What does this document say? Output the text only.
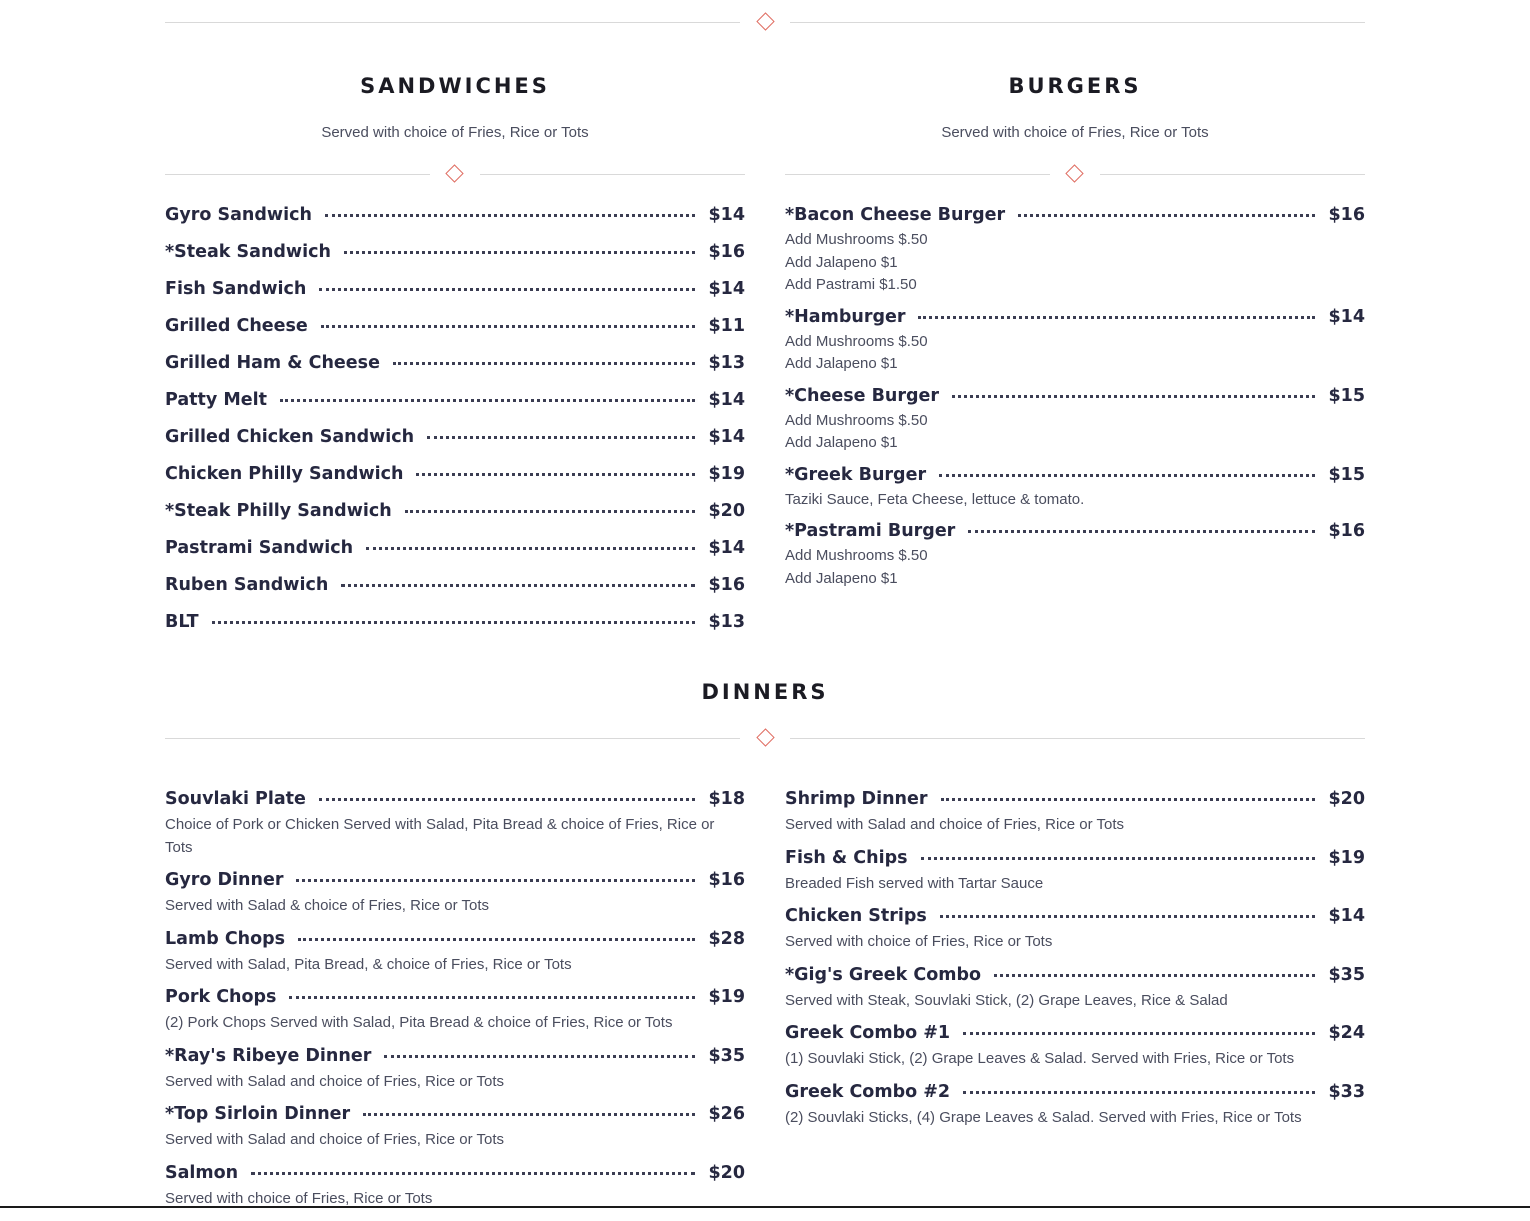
SANDWICHES
Served with choice of Fries, Rice or Tots
BURGERS
Served with choice of Fries, Rice or Tots
Gyro Sandwich	$14
*Steak Sandwich	$16
Fish Sandwich	$14
Grilled Cheese	$11
Grilled Ham & Cheese	$13
Patty Melt	$14
Grilled Chicken Sandwich	$14
Chicken Philly Sandwich	$19
*Steak Philly Sandwich	$20
Pastrami Sandwich	$14
Ruben Sandwich	$16
BLT	$13
*Bacon Cheese Burger	$16
Add Mushrooms $.50
Add Jalapeno $1
Add Pastrami $1.50
*Hamburger	$14
Add Mushrooms $.50
Add Jalapeno $1
*Cheese Burger	$15
Add Mushrooms $.50
Add Jalapeno $1
*Greek Burger	$15
Taziki Sauce, Feta Cheese, lettuce & tomato.
*Pastrami Burger	$16
Add Mushrooms $.50
Add Jalapeno $1
DINNERS
Souvlaki Plate	$18
Choice of Pork or Chicken Served with Salad, Pita Bread & choice of Fries, Rice or Tots
Gyro Dinner	$16
Served with Salad & choice of Fries, Rice or Tots
Lamb Chops	$28
Served with Salad, Pita Bread, & choice of Fries, Rice or Tots
Pork Chops	$19
(2) Pork Chops Served with Salad, Pita Bread & choice of Fries, Rice or Tots
*Ray's Ribeye Dinner	$35
Served with Salad and choice of Fries, Rice or Tots
*Top Sirloin Dinner	$26
Served with Salad and choice of Fries, Rice or Tots
Salmon	$20
Served with choice of Fries, Rice or Tots
Shrimp Dinner	$20
Served with Salad and choice of Fries, Rice or Tots
Fish & Chips	$19
Breaded Fish served with Tartar Sauce
Chicken Strips	$14
Served with choice of Fries, Rice or Tots
*Gig's Greek Combo	$35
Served with Steak, Souvlaki Stick, (2) Grape Leaves, Rice & Salad
Greek Combo #1	$24
(1) Souvlaki Stick, (2) Grape Leaves & Salad. Served with Fries, Rice or Tots
Greek Combo #2	$33
(2) Souvlaki Sticks, (4) Grape Leaves & Salad. Served with Fries, Rice or Tots
